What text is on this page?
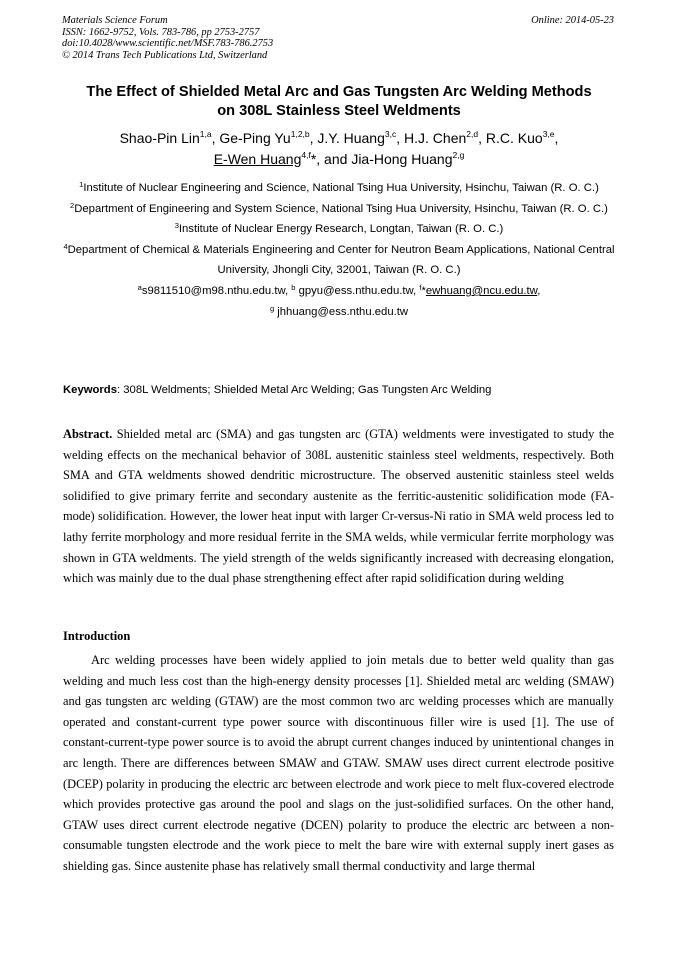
Materials Science Forum	Online: 2014-05-23
ISSN: 1662-9752, Vols. 783-786, pp 2753-2757
doi:10.4028/www.scientific.net/MSF.783-786.2753
© 2014 Trans Tech Publications Ltd, Switzerland
The Effect of Shielded Metal Arc and Gas Tungsten Arc Welding Methods
on 308L Stainless Steel Weldments
Shao-Pin Lin$^{1,a}$, Ge-Ping Yu$^{1,2,b}$, J.Y. Huang$^{3,c}$, H.J. Chen$^{2,d}$, R.C. Kuo$^{3,e}$,
E-Wen Huang$^{4,f}$*, and Jia-Hong Huang$^{2,g}$

$^1$Institute of Nuclear Engineering and Science, National Tsing Hua University, Hsinchu, Taiwan (R. O. C.)

$^2$Department of Engineering and System Science, National Tsing Hua University, Hsinchu, Taiwan (R. O. C.)

$^3$Institute of Nuclear Energy Research, Longtan, Taiwan (R. O. C.)

$^4$Department of Chemical & Materials Engineering and Center for Neutron Beam Applications, National Central University, Jhongli City, 32001, Taiwan (R. O. C.)

$^a$s9811510@m98.nthu.edu.tw, $^b$ gpyu@ess.nthu.edu.tw, $^f$*ewhuang@ncu.edu.tw,
$^g$ jhhuang@ess.nthu.edu.tw

Keywords: 308L Weldments; Shielded Metal Arc Welding; Gas Tungsten Arc Welding
Abstract. Shielded metal arc (SMA) and gas tungsten arc (GTA) weldments were investigated to study the welding effects on the mechanical behavior of 308L austenitic stainless steel weldments, respectively. Both SMA and GTA weldments showed dendritic microstructure. The observed austenitic stainless steel welds solidified to give primary ferrite and secondary austenite as the ferritic-austenitic solidification mode (FA-mode) solidification. However, the lower heat input with larger Cr-versus-Ni ratio in SMA weld process led to lathy ferrite morphology and more residual ferrite in the SMA welds, while vermicular ferrite morphology was shown in GTA weldments. The yield strength of the welds significantly increased with decreasing elongation, which was mainly due to the dual phase strengthening effect after rapid solidification during welding
Introduction
Arc welding processes have been widely applied to join metals due to better weld quality than gas welding and much less cost than the high-energy density processes [1]. Shielded metal arc welding (SMAW) and gas tungsten arc welding (GTAW) are the most common two arc welding processes which are manually operated and constant-current type power source with discontinuous filler wire is used [1]. The use of constant-current-type power source is to avoid the abrupt current changes induced by unintentional changes in arc length. There are differences between SMAW and GTAW. SMAW uses direct current electrode positive (DCEP) polarity in producing the electric arc between electrode and work piece to melt flux-covered electrode which provides protective gas around the pool and slags on the just-solidified surfaces. On the other hand, GTAW uses direct current electrode negative (DCEN) polarity to produce the electric arc between a non-consumable tungsten electrode and the work piece to melt the bare wire with external supply inert gases as shielding gas. Since austenite phase has relatively small thermal conductivity and large thermal
